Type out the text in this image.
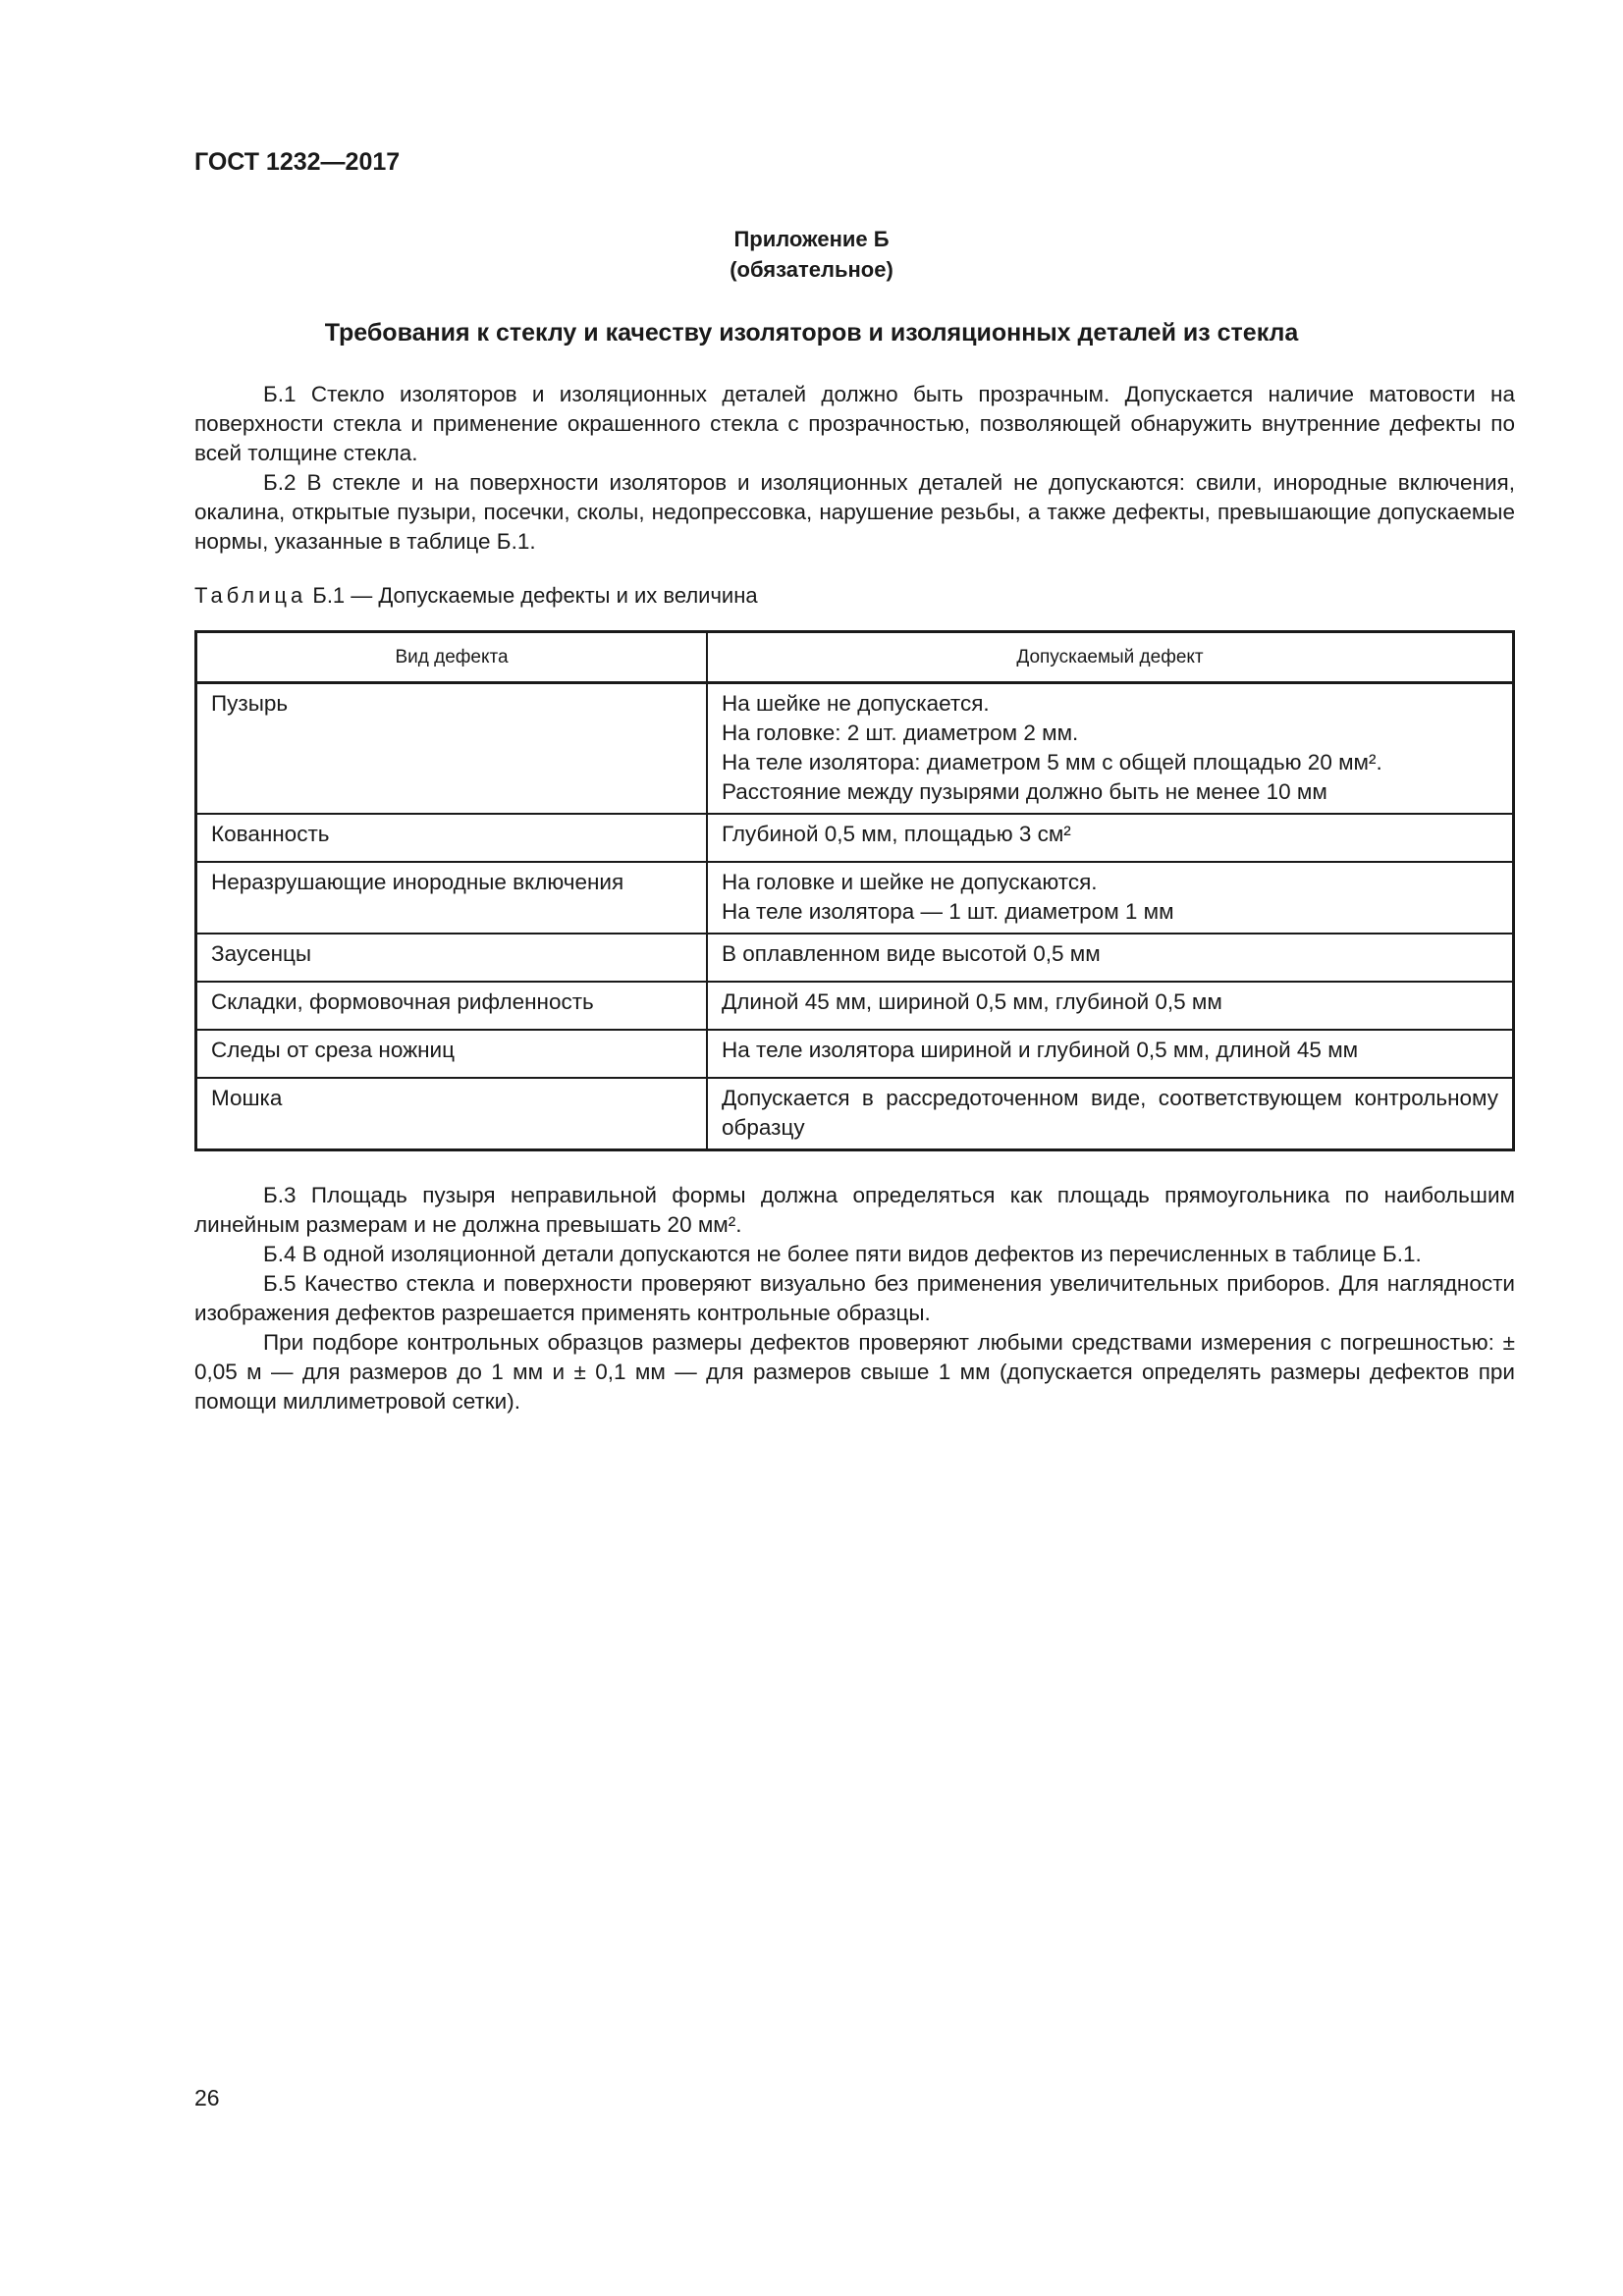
ГОСТ 1232—2017
Приложение Б
(обязательное)
Требования к стеклу и качеству изоляторов и изоляционных деталей из стекла

Б.1 Стекло изоляторов и изоляционных деталей должно быть прозрачным. Допускается наличие матовости на поверхности стекла и применение окрашенного стекла с прозрачностью, позволяющей обнаружить внутренние дефекты по всей толщине стекла.

Б.2 В стекле и на поверхности изоляторов и изоляционных деталей не допускаются: свили, инородные включения, окалина, открытые пузыри, посечки, сколы, недопрессовка, нарушение резьбы, а также дефекты, превышающие допускаемые нормы, указанные в таблице Б.1.

Таблица Б.1 — Допускаемые дефекты и их величина
Вид дефекта	Допускаемый дефект
Пузырь	На шейке не допускается.
На головке: 2 шт. диаметром 2 мм.
На теле изолятора: диаметром 5 мм с общей площадью 20 мм².
Расстояние между пузырями должно быть не менее 10 мм

Кованность	Глубиной 0,5 мм, площадью 3 см²

Неразрушающие инородные включения	На головке и шейке не допускаются.
На теле изолятора — 1 шт. диаметром 1 мм

Заусенцы	В оплавленном виде высотой 0,5 мм

Складки, формовочная рифленность	Длиной 45 мм, шириной 0,5 мм, глубиной 0,5 мм

Следы от среза ножниц	На теле изолятора шириной и глубиной 0,5 мм, длиной 45 мм

Мошка	Допускается в рассредоточенном виде, соответствующем контрольному образцу

Б.3 Площадь пузыря неправильной формы должна определяться как площадь прямоугольника по наибольшим линейным размерам и не должна превышать 20 мм².

Б.4 В одной изоляционной детали допускаются не более пяти видов дефектов из перечисленных в таблице Б.1.

Б.5 Качество стекла и поверхности проверяют визуально без применения увеличительных приборов. Для наглядности изображения дефектов разрешается применять контрольные образцы.

При подборе контрольных образцов размеры дефектов проверяют любыми средствами измерения с погрешностью: ± 0,05 м — для размеров до 1 мм и ± 0,1 мм — для размеров свыше 1 мм (допускается определять размеры дефектов при помощи миллиметровой сетки).

26
